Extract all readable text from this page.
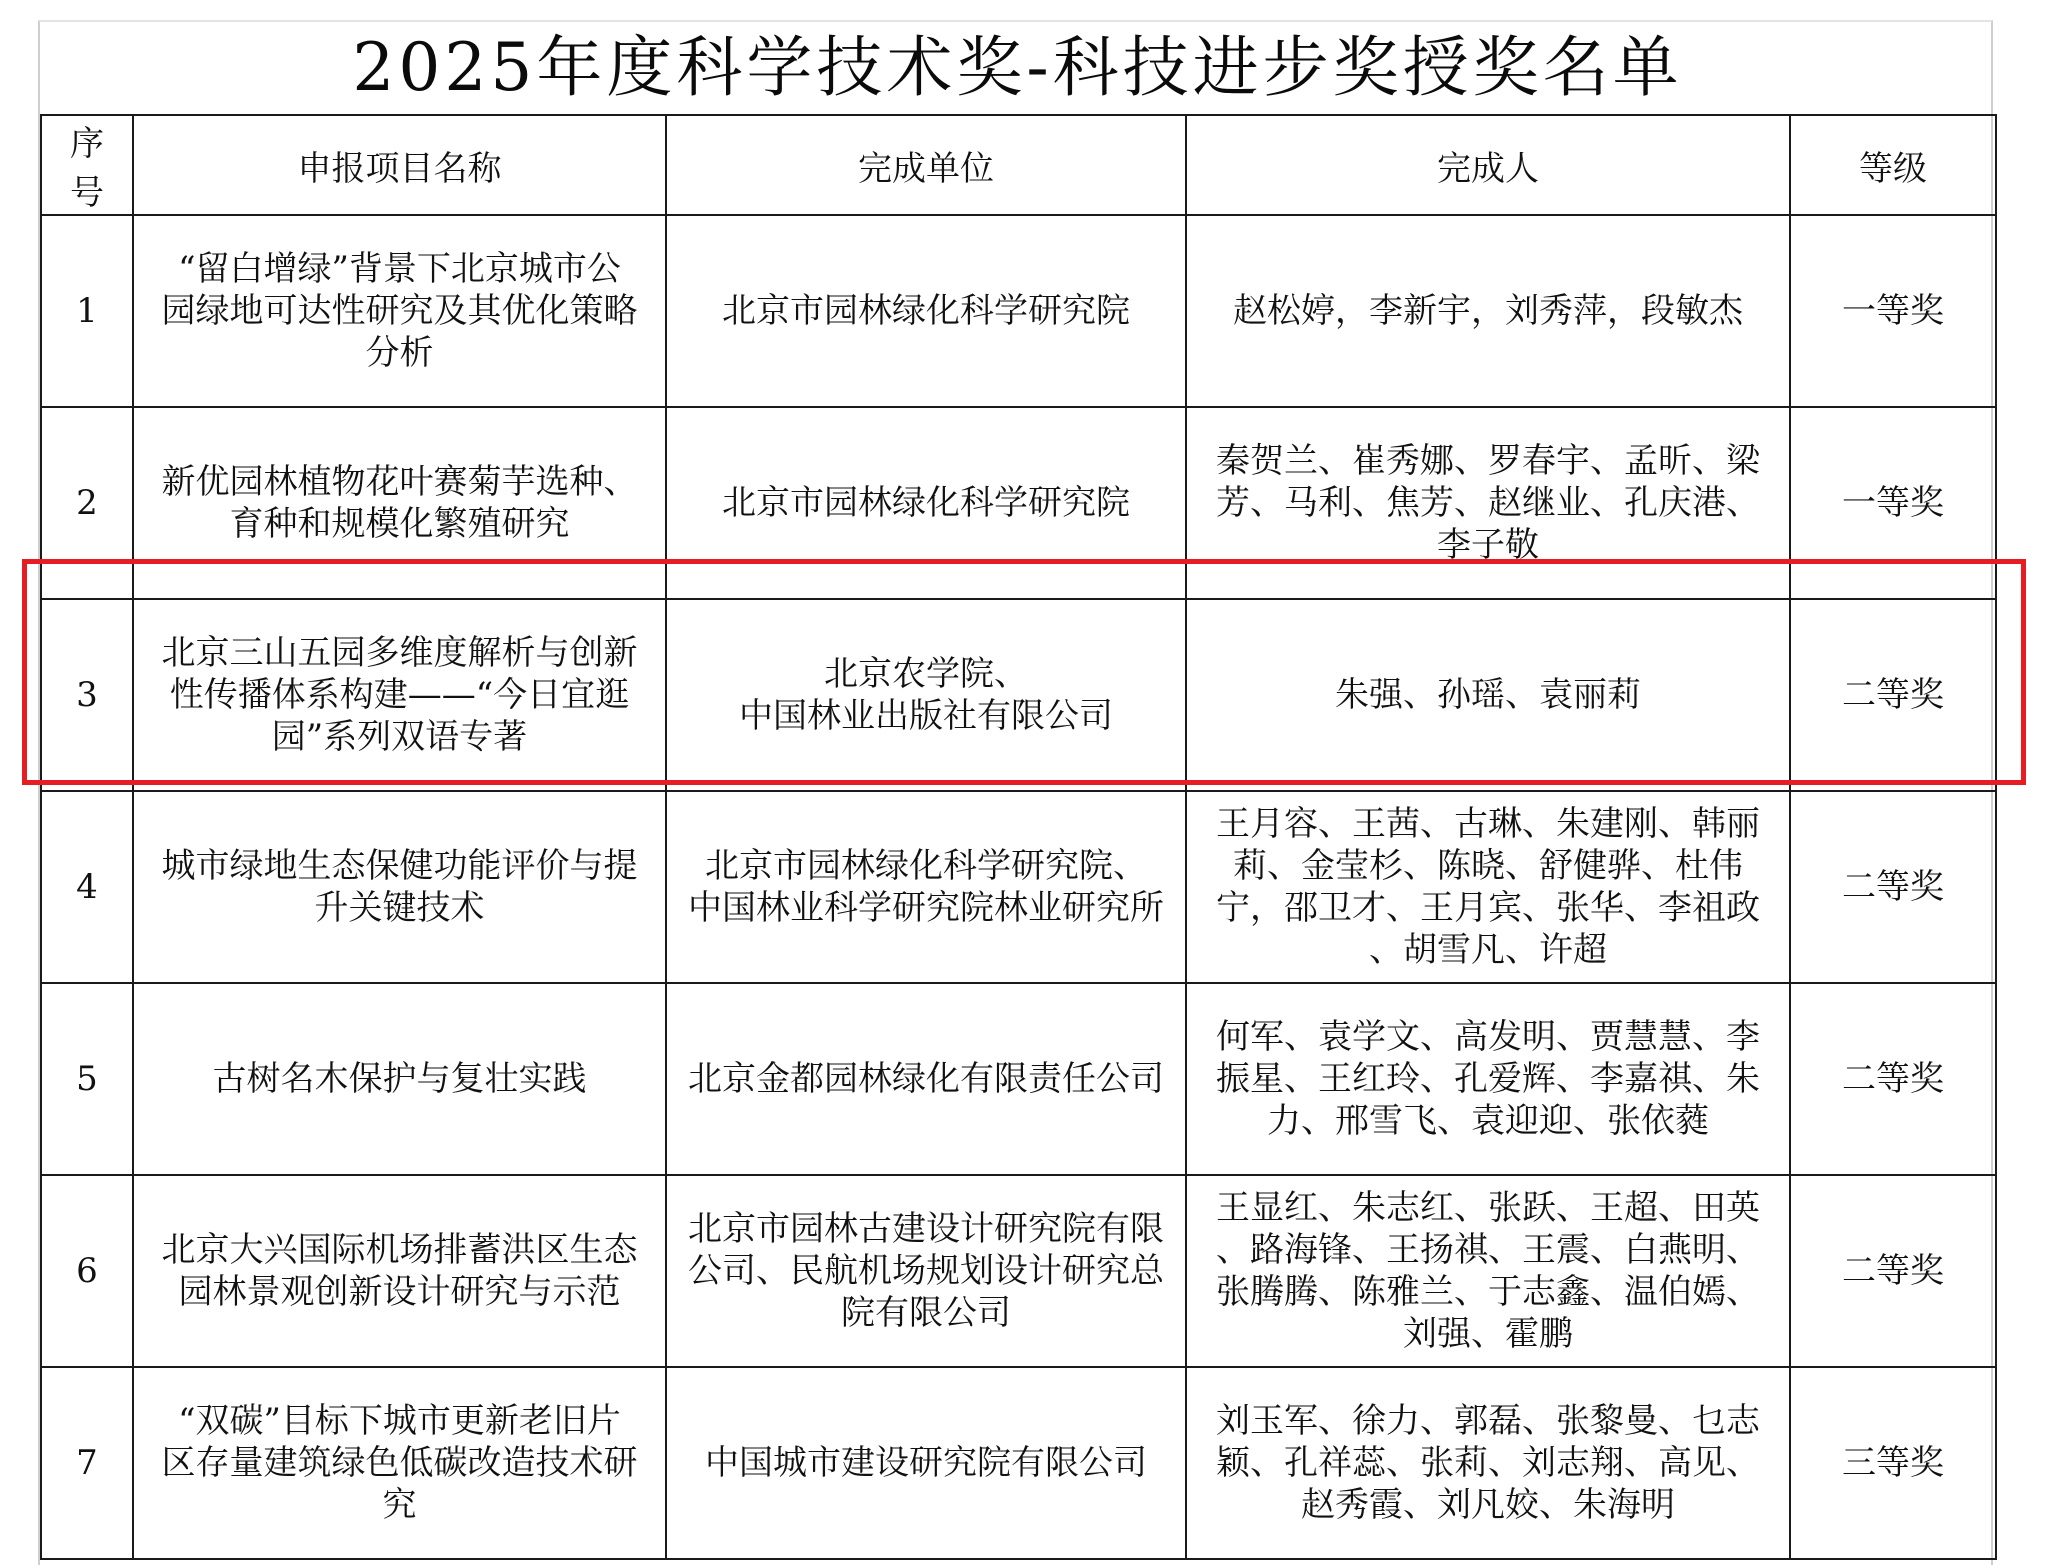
2025年度科学技术奖-科技进步奖授奖名单
序号	申报项目名称	完成单位	完成人	等级
1	“留白增绿”背景下北京城市公
园绿地可达性研究及其优化策略
分析	北京市园林绿化科学研究院	赵松婷，李新宇，刘秀萍，段敏杰	一等奖
2	新优园林植物花叶赛菊芋选种、
育种和规模化繁殖研究	北京市园林绿化科学研究院	秦贺兰、崔秀娜、罗春宇、孟昕、梁
芳、马利、焦芳、赵继业、孔庆港、
李子敬	一等奖
3	北京三山五园多维度解析与创新
性传播体系构建——“今日宜逛
园”系列双语专著	北京农学院、
中国林业出版社有限公司	朱强、孙瑶、袁丽莉	二等奖
4	城市绿地生态保健功能评价与提
升关键技术	北京市园林绿化科学研究院、
中国林业科学研究院林业研究所	王月容、王茜、古琳、朱建刚、韩丽
莉、金莹杉、陈晓、舒健骅、杜伟
宁，邵卫才、王月宾、张华、李祖政
、胡雪凡、许超	二等奖
5	古树名木保护与复壮实践	北京金都园林绿化有限责任公司	何军、袁学文、高发明、贾慧慧、李
振星、王红玲、孔爱辉、李嘉祺、朱
力、邢雪飞、袁迎迎、张依蕤	二等奖
6	北京大兴国际机场排蓄洪区生态
园林景观创新设计研究与示范	北京市园林古建设计研究院有限
公司、民航机场规划设计研究总
院有限公司	王显红、朱志红、张跃、王超、田英
、路海锋、王扬祺、王震、白燕明、
张腾腾、陈雅兰、于志鑫、温伯嫣、
刘强、霍鹏	二等奖
7	“双碳”目标下城市更新老旧片
区存量建筑绿色低碳改造技术研
究	中国城市建设研究院有限公司	刘玉军、徐力、郭磊、张黎曼、乜志
颖、孔祥蕊、张莉、刘志翔、高见、
赵秀霞、刘凡姣、朱海明	三等奖
